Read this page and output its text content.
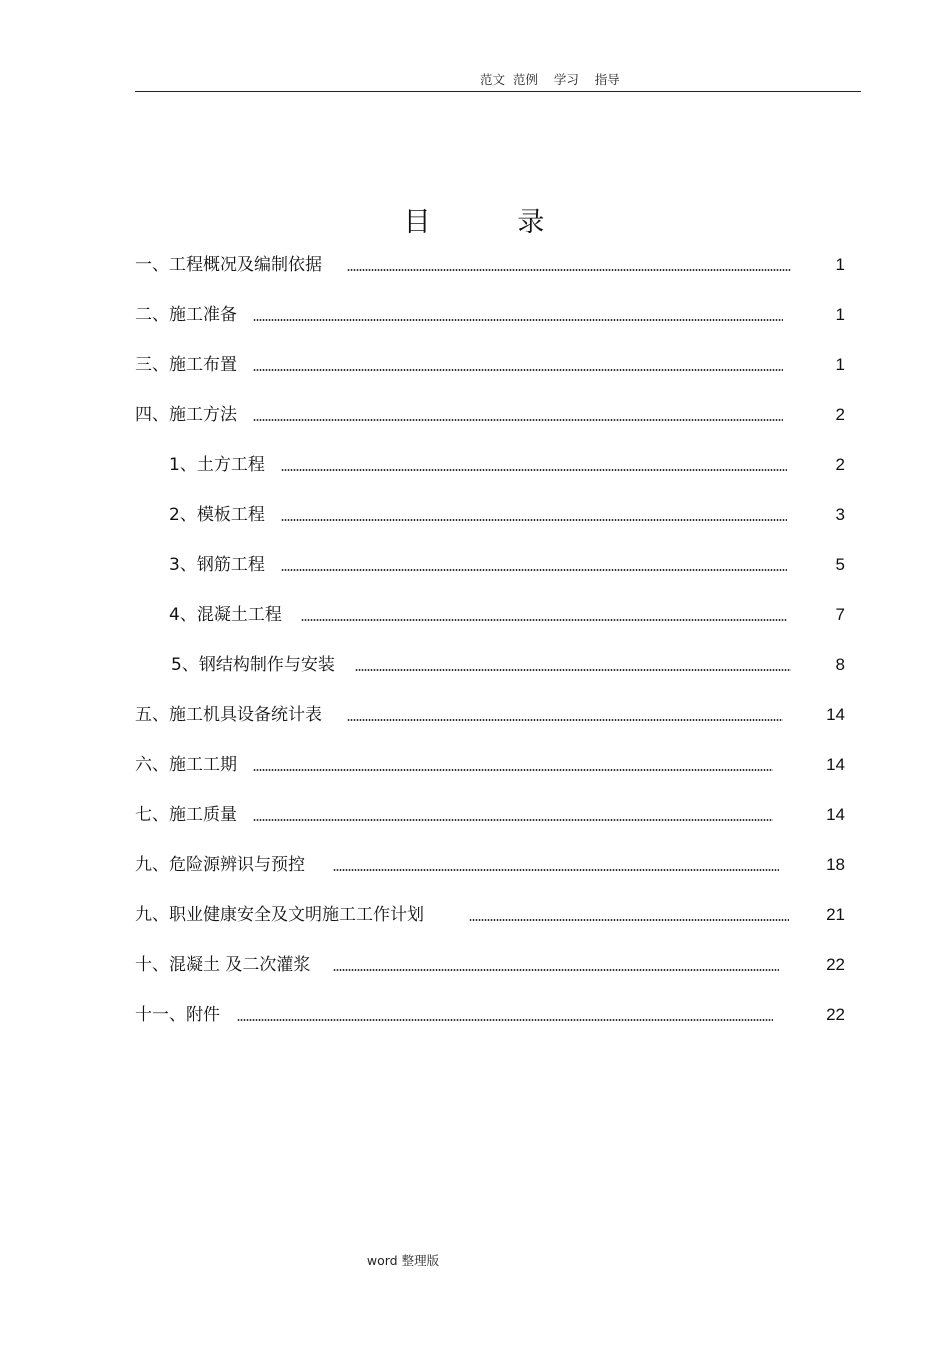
范文  范例    学习    指导
目        录
一、工程概况及编制依据	1
二、施工准备	1
三、施工布置	1
四、施工方法	2
1、土方工程	2
2、模板工程	3
3、钢筋工程	5
4、混凝土工程	7
5、钢结构制作与安装	8
五、施工机具设备统计表	14
六、施工工期	14
七、施工质量	14
九、危险源辨识与预控	18
九、职业健康安全及文明施工工作计划	21
十、混凝土 及二次灌浆	22
十一、附件	22
word 整理版
